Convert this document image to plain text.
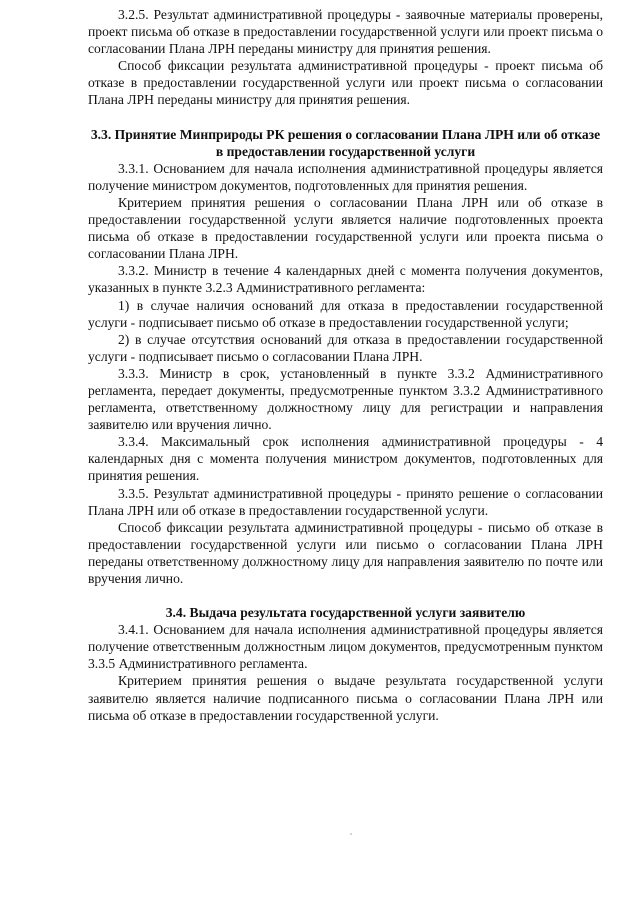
3.2.5. Результат административной процедуры - заявочные материалы проверены, проект письма об отказе в предоставлении государственной услуги или проект письма о согласовании Плана ЛРН переданы министру для принятия решения.

Способ фиксации результата административной процедуры - проект письма об отказе в предоставлении государственной услуги или проект письма о согласовании Плана ЛРН переданы министру для принятия решения.

3.3. Принятие Минприроды РК решения о согласовании Плана ЛРН или об отказе в предоставлении государственной услуги

3.3.1. Основанием для начала исполнения административной процедуры является получение министром документов, подготовленных для принятия решения.

Критерием принятия решения о согласовании Плана ЛРН или об отказе в предоставлении государственной услуги является наличие подготовленных проекта письма об отказе в предоставлении государственной услуги или проекта письма о согласовании Плана ЛРН.

3.3.2. Министр в течение 4 календарных дней с момента получения документов, указанных в пункте 3.2.3 Административного регламента:

1) в случае наличия оснований для отказа в предоставлении государственной услуги - подписывает письмо об отказе в предоставлении государственной услуги;

2) в случае отсутствия оснований для отказа в предоставлении государственной услуги - подписывает письмо о согласовании Плана ЛРН.

3.3.3. Министр в срок, установленный в пункте 3.3.2 Административного регламента, передает документы, предусмотренные пунктом 3.3.2 Административного регламента, ответственному должностному лицу для регистрации и направления заявителю или вручения лично.

3.3.4. Максимальный срок исполнения административной процедуры - 4 календарных дня с момента получения министром документов, подготовленных для принятия решения.

3.3.5. Результат административной процедуры - принято решение о согласовании Плана ЛРН или об отказе в предоставлении государственной услуги.

Способ фиксации результата административной процедуры - письмо об отказе в предоставлении государственной услуги или письмо о согласовании Плана ЛРН переданы ответственному должностному лицу для направления заявителю по почте или вручения лично.

3.4. Выдача результата государственной услуги заявителю

3.4.1. Основанием для начала исполнения административной процедуры является получение ответственным должностным лицом документов, предусмотренным пунктом 3.3.5 Административного регламента.

Критерием принятия решения о выдаче результата государственной услуги заявителю является наличие подписанного письма о согласовании Плана ЛРН или письма об отказе в предоставлении государственной услуги.
